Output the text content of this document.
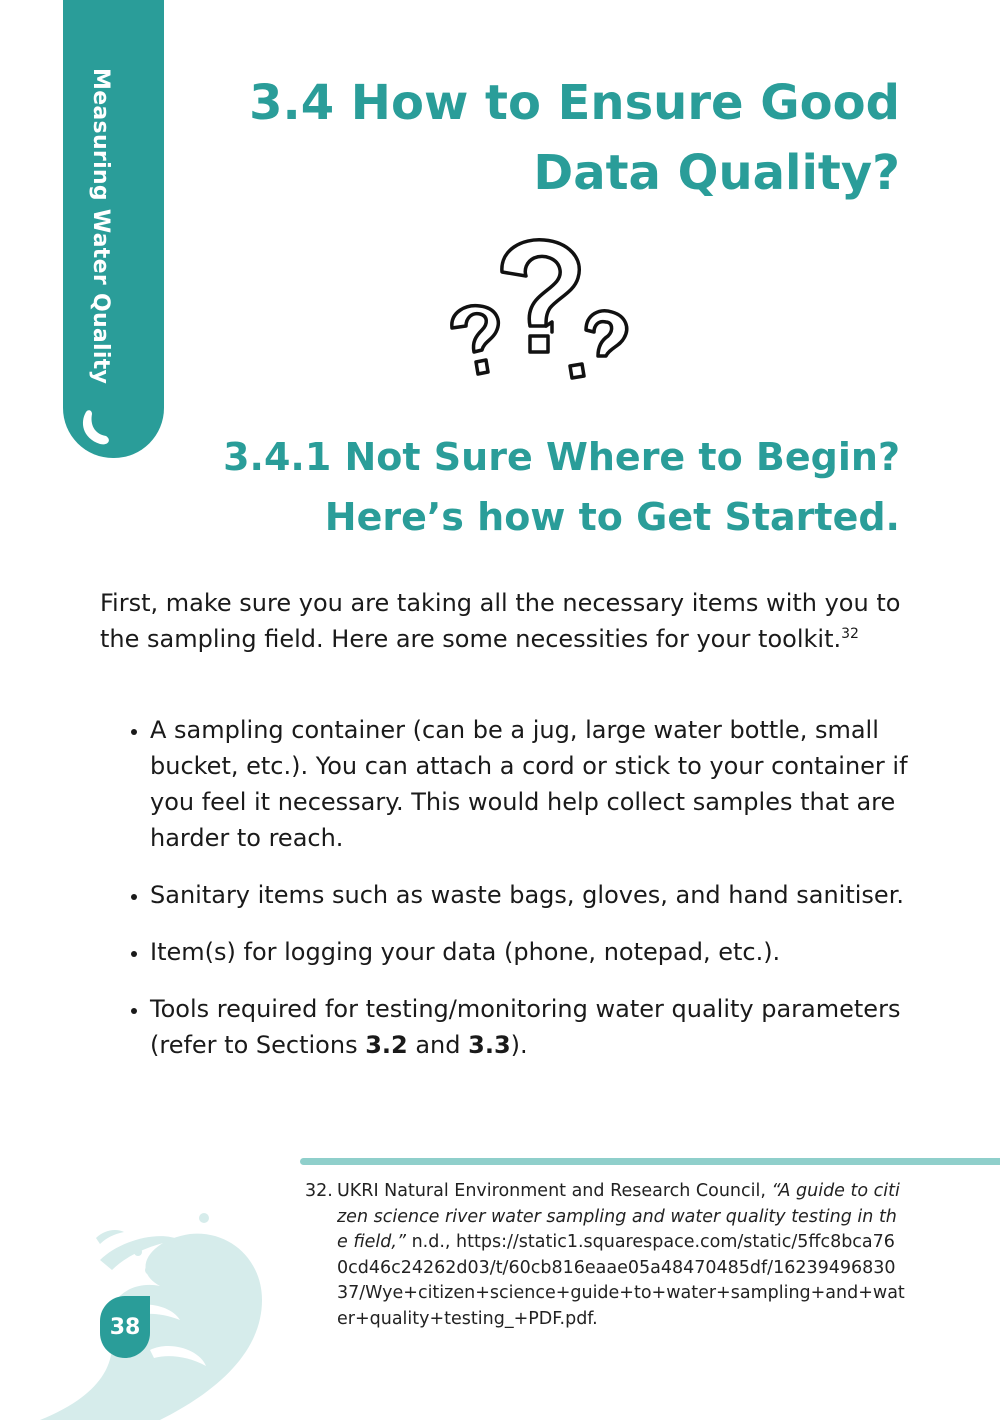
Measuring Water Quality	3.4 How to Ensure Good Data Quality?
3.4.1 Not Sure Where to Begin?
Here’s how to Get Started.

First, make sure you are taking all the necessary items with you to the sampling field. Here are some necessities for your toolkit.$^{32}$

• A sampling container (can be a jug, large water bottle, small bucket, etc.). You can attach a cord or stick to your container if you feel it necessary. This would help collect samples that are harder to reach.
• Sanitary items such as waste bags, gloves, and hand sanitiser.
• Item(s) for logging your data (phone, notepad, etc.).
• Tools required for testing/monitoring water quality parameters (refer to Sections 3.2 and 3.3).
32. UKRI Natural Environment and Research Council, “A guide to citizen science river water sampling and water quality testing in the field,” n.d., https://static1.squarespace.com/static/5ffc8bca760cd46c24262d03/t/60cb816eaae05a48470485df/1623949683037/Wye+citizen+science+guide+to+water+sampling+and+water+quality+testing_+PDF.pdf.
38
